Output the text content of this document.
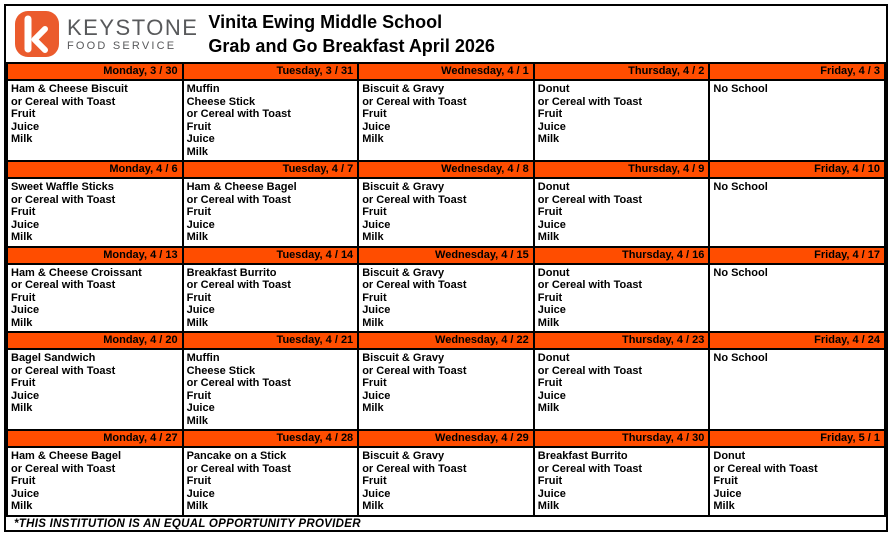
KEYSTONE
FOOD SERVICE
Vinita Ewing Middle School
Grab and Go Breakfast April 2026
Monday, 3 / 30	Tuesday, 3 / 31	Wednesday, 4 / 1	Thursday, 4 / 2	Friday, 4 / 3

Ham & Cheese Biscuit
or Cereal with Toast
Fruit
Juice
Milk

Muffin
Cheese Stick
or Cereal with Toast
Fruit
Juice
Milk

Biscuit & Gravy
or Cereal with Toast
Fruit
Juice
Milk

Donut
or Cereal with Toast
Fruit
Juice
Milk

No School

Monday, 4 / 6	Tuesday, 4 / 7	Wednesday, 4 / 8	Thursday, 4 / 9	Friday, 4 / 10

Sweet Waffle Sticks
or Cereal with Toast
Fruit
Juice
Milk

Ham & Cheese Bagel
or Cereal with Toast
Fruit
Juice
Milk

Biscuit & Gravy
or Cereal with Toast
Fruit
Juice
Milk

Donut
or Cereal with Toast
Fruit
Juice
Milk

No School

Monday, 4 / 13	Tuesday, 4 / 14	Wednesday, 4 / 15	Thursday, 4 / 16	Friday, 4 / 17

Ham & Cheese Croissant
or Cereal with Toast
Fruit
Juice
Milk

Breakfast Burrito
or Cereal with Toast
Fruit
Juice
Milk

Biscuit & Gravy
or Cereal with Toast
Fruit
Juice
Milk

Donut
or Cereal with Toast
Fruit
Juice
Milk

No School

Monday, 4 / 20	Tuesday, 4 / 21	Wednesday, 4 / 22	Thursday, 4 / 23	Friday, 4 / 24

Bagel Sandwich
or Cereal with Toast
Fruit
Juice
Milk

Muffin
Cheese Stick
or Cereal with Toast
Fruit
Juice
Milk

Biscuit & Gravy
or Cereal with Toast
Fruit
Juice
Milk

Donut
or Cereal with Toast
Fruit
Juice
Milk

No School

Monday, 4 / 27	Tuesday, 4 / 28	Wednesday, 4 / 29	Thursday, 4 / 30	Friday, 5 / 1

Ham & Cheese Bagel
or Cereal with Toast
Fruit
Juice
Milk

Pancake on a Stick
or Cereal with Toast
Fruit
Juice
Milk

Biscuit & Gravy
or Cereal with Toast
Fruit
Juice
Milk

Breakfast Burrito
or Cereal with Toast
Fruit
Juice
Milk

Donut
or Cereal with Toast
Fruit
Juice
Milk
*THIS INSTITUTION IS AN EQUAL OPPORTUNITY PROVIDER
